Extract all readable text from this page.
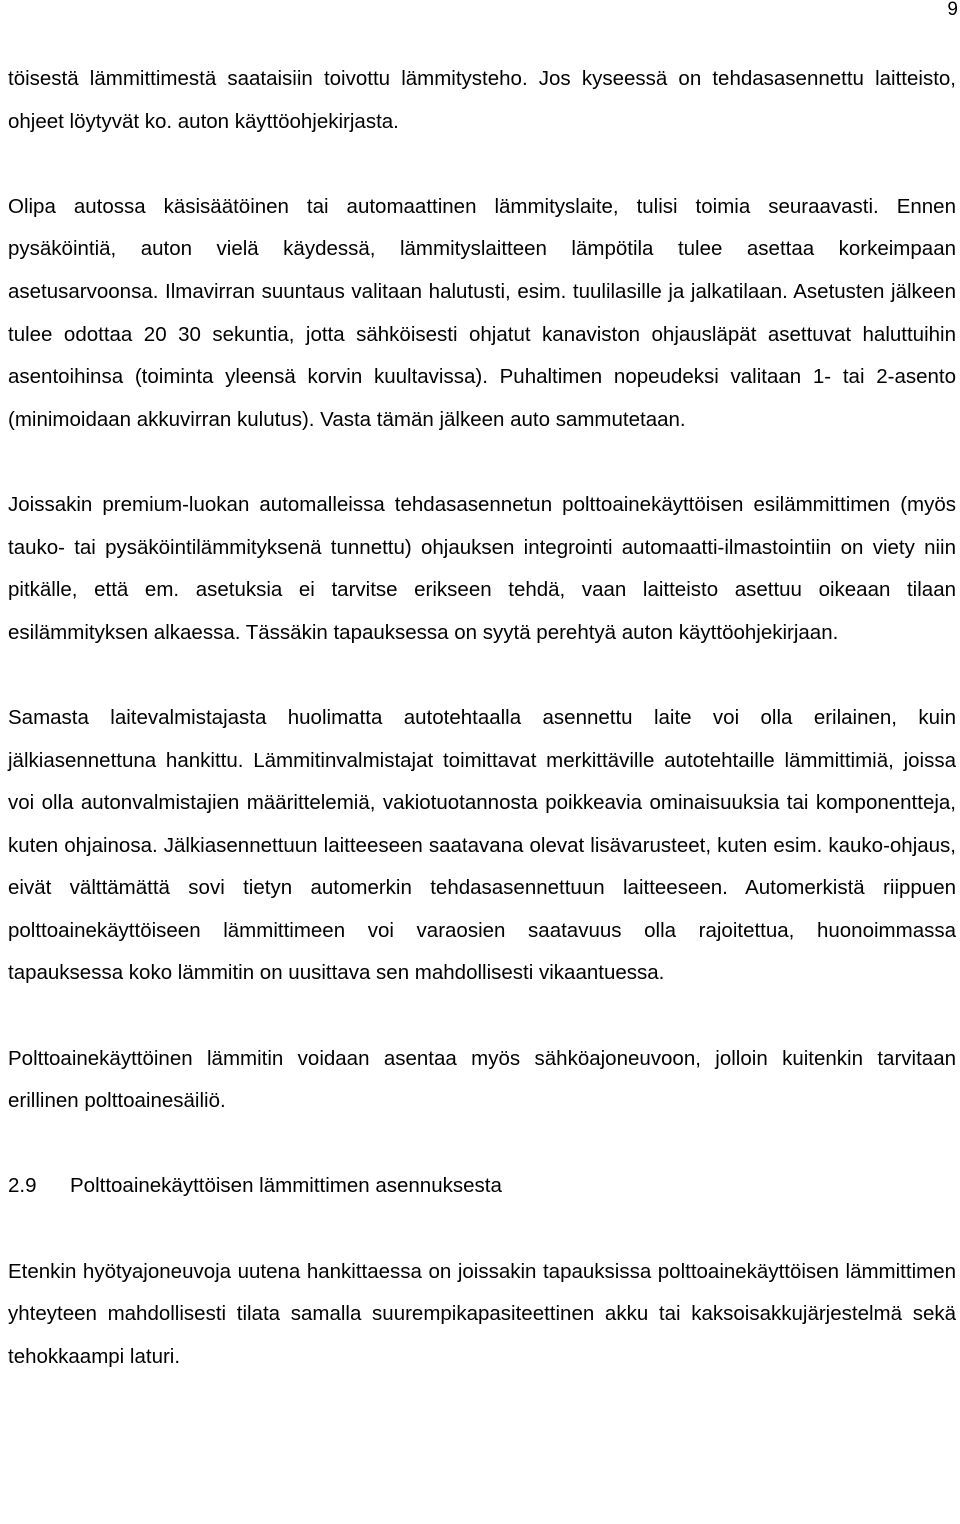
9

töisestä lämmittimestä saataisiin toivottu lämmitysteho. Jos kyseessä on tehdasasennettu laitteisto, ohjeet löytyvät ko. auton käyttöohjekirjasta.

Olipa autossa käsisäätöinen tai automaattinen lämmityslaite, tulisi toimia seuraavasti. Ennen pysäköintiä, auton vielä käydessä, lämmityslaitteen lämpötila tulee asettaa korkeimpaan asetusarvoonsa. Ilmavirran suuntaus valitaan halutusti, esim. tuulilasille ja jalkatilaan. Asetusten jälkeen tulee odottaa 20 30 sekuntia, jotta sähköisesti ohjatut kanaviston ohjausläpät asettuvat haluttuihin asentoihinsa (toiminta yleensä korvin kuultavissa). Puhaltimen nopeudeksi valitaan 1- tai 2-asento (minimoidaan akkuvirran kulutus). Vasta tämän jälkeen auto sammutetaan.

Joissakin premium-luokan automalleissa tehdasasennetun polttoainekäyttöisen esilämmittimen (myös tauko- tai pysäköintilämmityksenä tunnettu) ohjauksen integrointi automaatti-ilmastointiin on viety niin pitkälle, että em. asetuksia ei tarvitse erikseen tehdä, vaan laitteisto asettuu oikeaan tilaan esilämmityksen alkaessa. Tässäkin tapauksessa on syytä perehtyä auton käyttöohjekirjaan.

Samasta laitevalmistajasta huolimatta autotehtaalla asennettu laite voi olla erilainen, kuin jälkiasennettuna hankittu. Lämmitinvalmistajat toimittavat merkittäville autotehtaille lämmittimiä, joissa voi olla autonvalmistajien määrittelemiä, vakiotuotannosta poikkeavia ominaisuuksia tai komponentteja, kuten ohjainosa. Jälkiasennettuun laitteeseen saatavana olevat lisävarusteet, kuten esim. kauko-ohjaus, eivät välttämättä sovi tietyn automerkin tehdasasennettuun laitteeseen. Automerkistä riippuen polttoainekäyttöiseen lämmittimeen voi varaosien saatavuus olla rajoitettua, huonoimmassa tapauksessa koko lämmitin on uusittava sen mahdollisesti vikaantuessa.

Polttoainekäyttöinen lämmitin voidaan asentaa myös sähköajoneuvoon, jolloin kuitenkin tarvitaan erillinen polttoainesäiliö.

2.9	Polttoainekäyttöisen lämmittimen asennuksesta

Etenkin hyötyajoneuvoja uutena hankittaessa on joissakin tapauksissa polttoainekäyttöisen lämmittimen yhteyteen mahdollisesti tilata samalla suurempikapasiteettinen akku tai kaksoisakkujärjestelmä sekä tehokkaampi laturi.
